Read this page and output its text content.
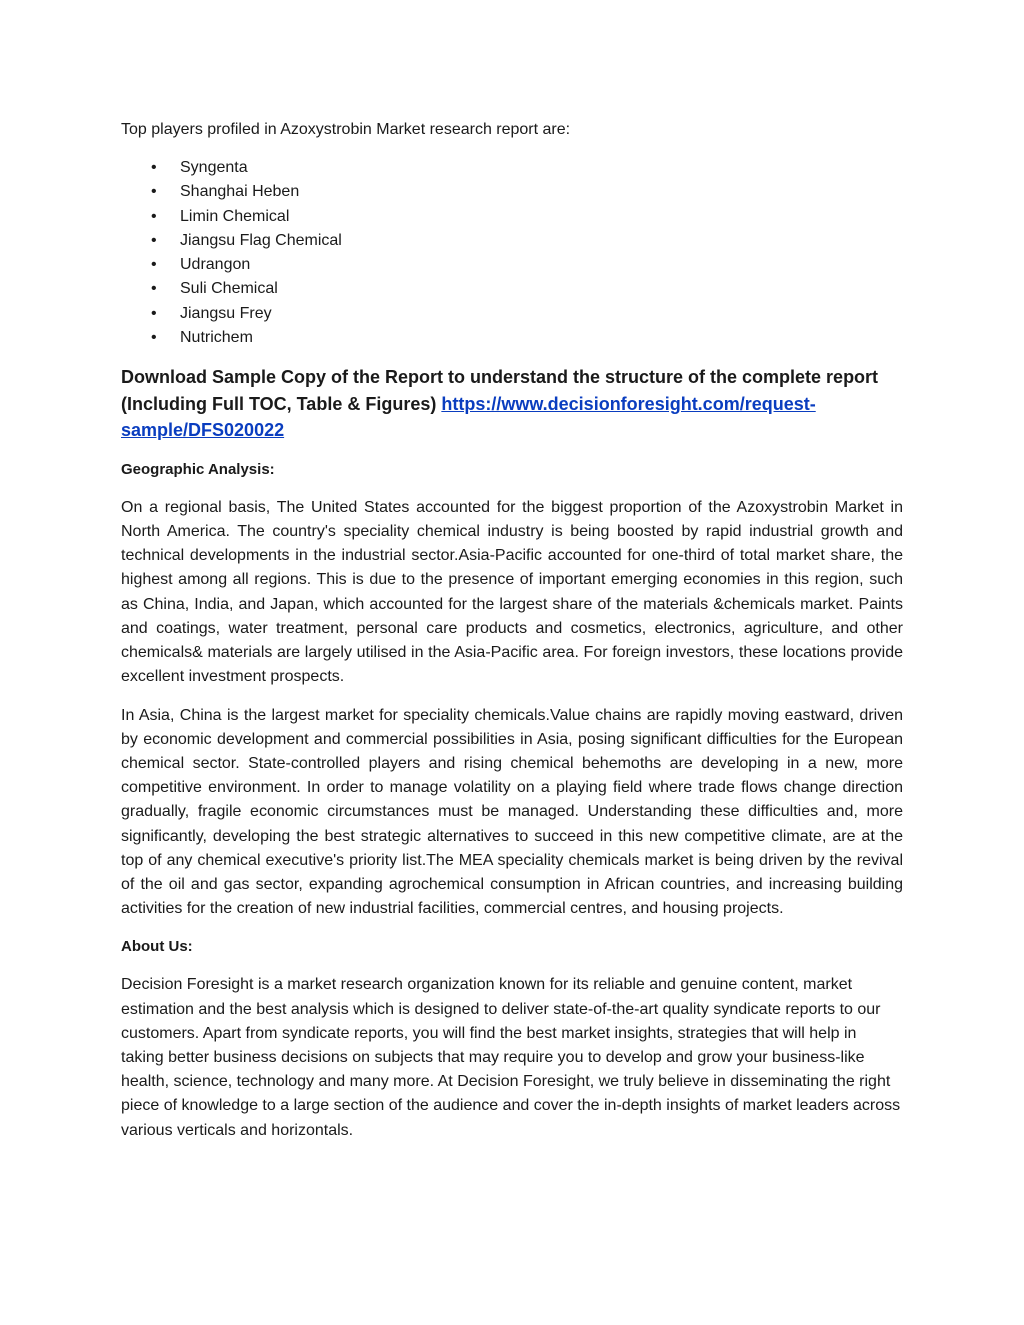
Top players profiled in Azoxystrobin Market research report are:

• Syngenta
• Shanghai Heben
• Limin Chemical
• Jiangsu Flag Chemical
• Udrangon
• Suli Chemical
• Jiangsu Frey
• Nutrichem

Download Sample Copy of the Report to understand the structure of the complete report (Including Full TOC, Table & Figures) https://www.decisionforesight.com/request-sample/DFS020022

Geographic Analysis:

On a regional basis, The United States accounted for the biggest proportion of the Azoxystrobin Market in North America. The country's speciality chemical industry is being boosted by rapid industrial growth and technical developments in the industrial sector.Asia-Pacific accounted for one-third of total market share, the highest among all regions. This is due to the presence of important emerging economies in this region, such as China, India, and Japan, which accounted for the largest share of the materials &chemicals market. Paints and coatings, water treatment, personal care products and cosmetics, electronics, agriculture, and other chemicals& materials are largely utilised in the Asia-Pacific area. For foreign investors, these locations provide excellent investment prospects.

In Asia, China is the largest market for speciality chemicals.Value chains are rapidly moving eastward, driven by economic development and commercial possibilities in Asia, posing significant difficulties for the European chemical sector. State-controlled players and rising chemical behemoths are developing in a new, more competitive environment. In order to manage volatility on a playing field where trade flows change direction gradually, fragile economic circumstances must be managed. Understanding these difficulties and, more significantly, developing the best strategic alternatives to succeed in this new competitive climate, are at the top of any chemical executive's priority list.The MEA speciality chemicals market is being driven by the revival of the oil and gas sector, expanding agrochemical consumption in African countries, and increasing building activities for the creation of new industrial facilities, commercial centres, and housing projects.

About Us:

Decision Foresight is a market research organization known for its reliable and genuine content, market estimation and the best analysis which is designed to deliver state-of-the-art quality syndicate reports to our customers. Apart from syndicate reports, you will find the best market insights, strategies that will help in taking better business decisions on subjects that may require you to develop and grow your business-like health, science, technology and many more. At Decision Foresight, we truly believe in disseminating the right piece of knowledge to a large section of the audience and cover the in-depth insights of market leaders across various verticals and horizontals.
